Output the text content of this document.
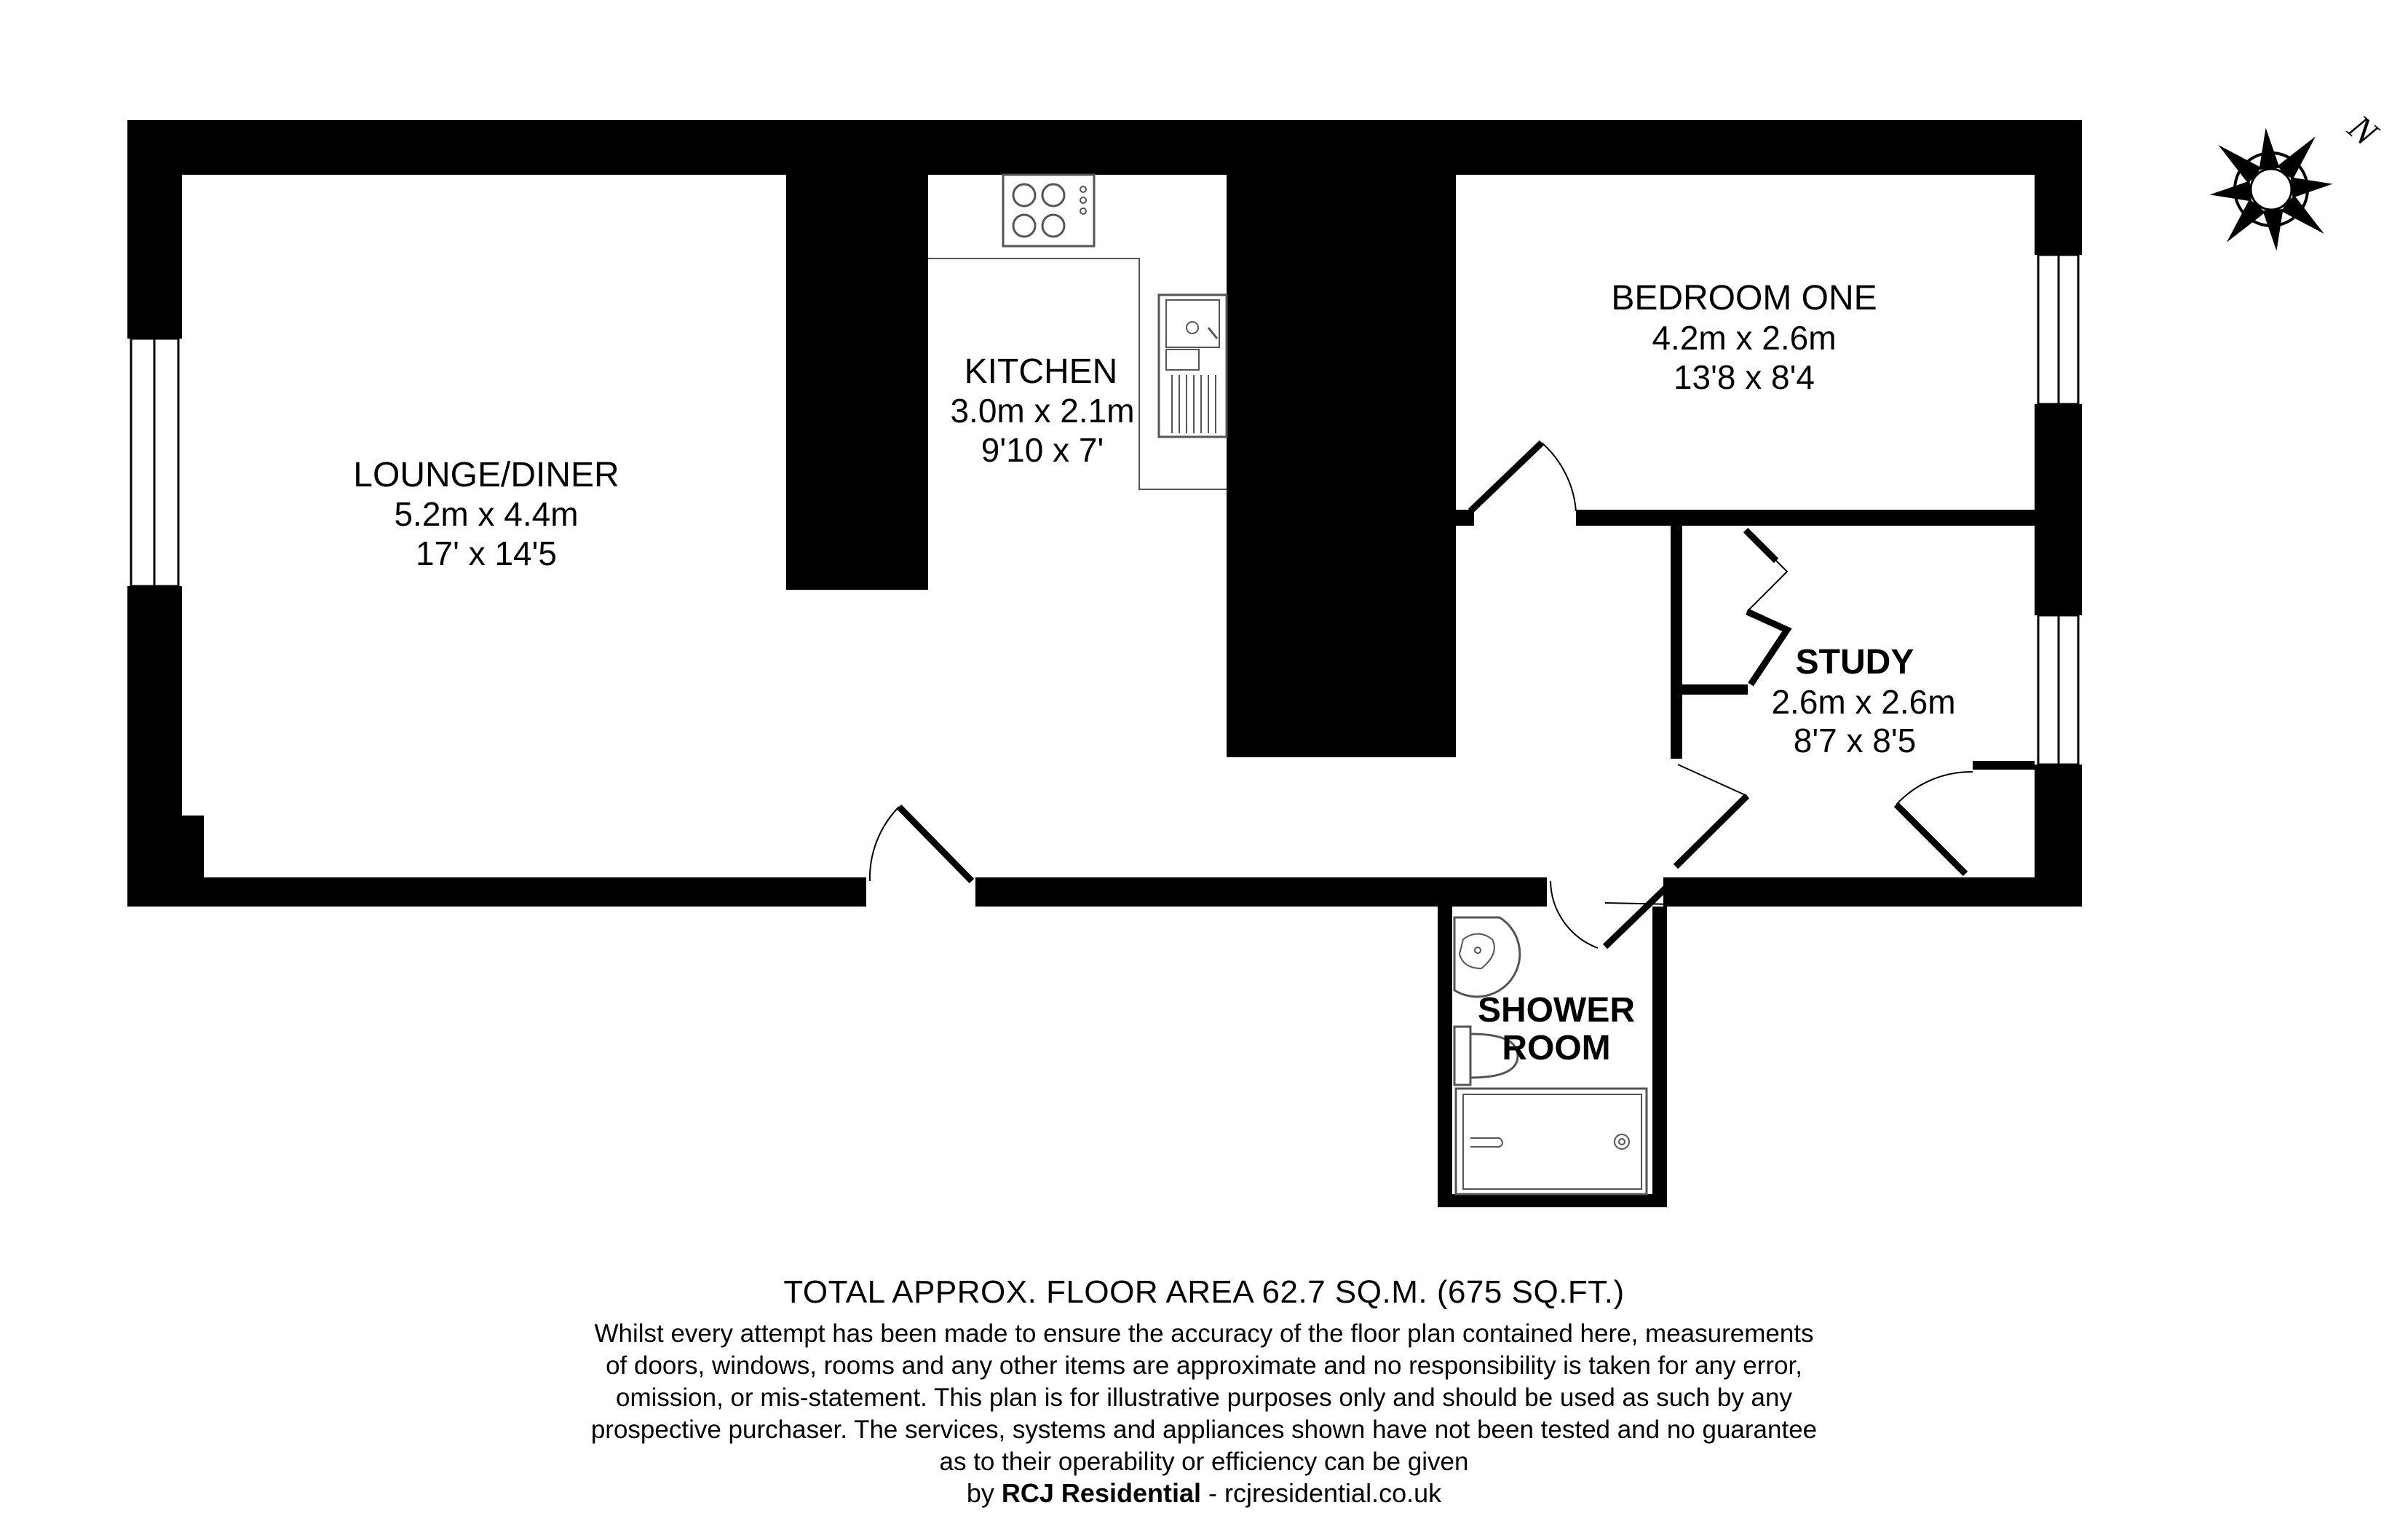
N
LOUNGE/DINER
5.2m x 4.4m
17' x 14'5
KITCHEN
3.0m x 2.1m
9'10 x 7'
BEDROOM ONE
4.2m x 2.6m
13'8 x 8'4
STUDY
2.6m x 2.6m
8'7 x 8'5
SHOWER
ROOM
TOTAL APPROX. FLOOR AREA 62.7 SQ.M. (675 SQ.FT.)
Whilst every attempt has been made to ensure the accuracy of the floor plan contained here, measurements
of doors, windows, rooms and any other items are approximate and no responsibility is taken for any error,
omission, or mis-statement. This plan is for illustrative purposes only and should be used as such by any
prospective purchaser. The services, systems and appliances shown have not been tested and no guarantee
as to their operability or efficiency can be given
by RCJ Residential - rcjresidential.co.uk
